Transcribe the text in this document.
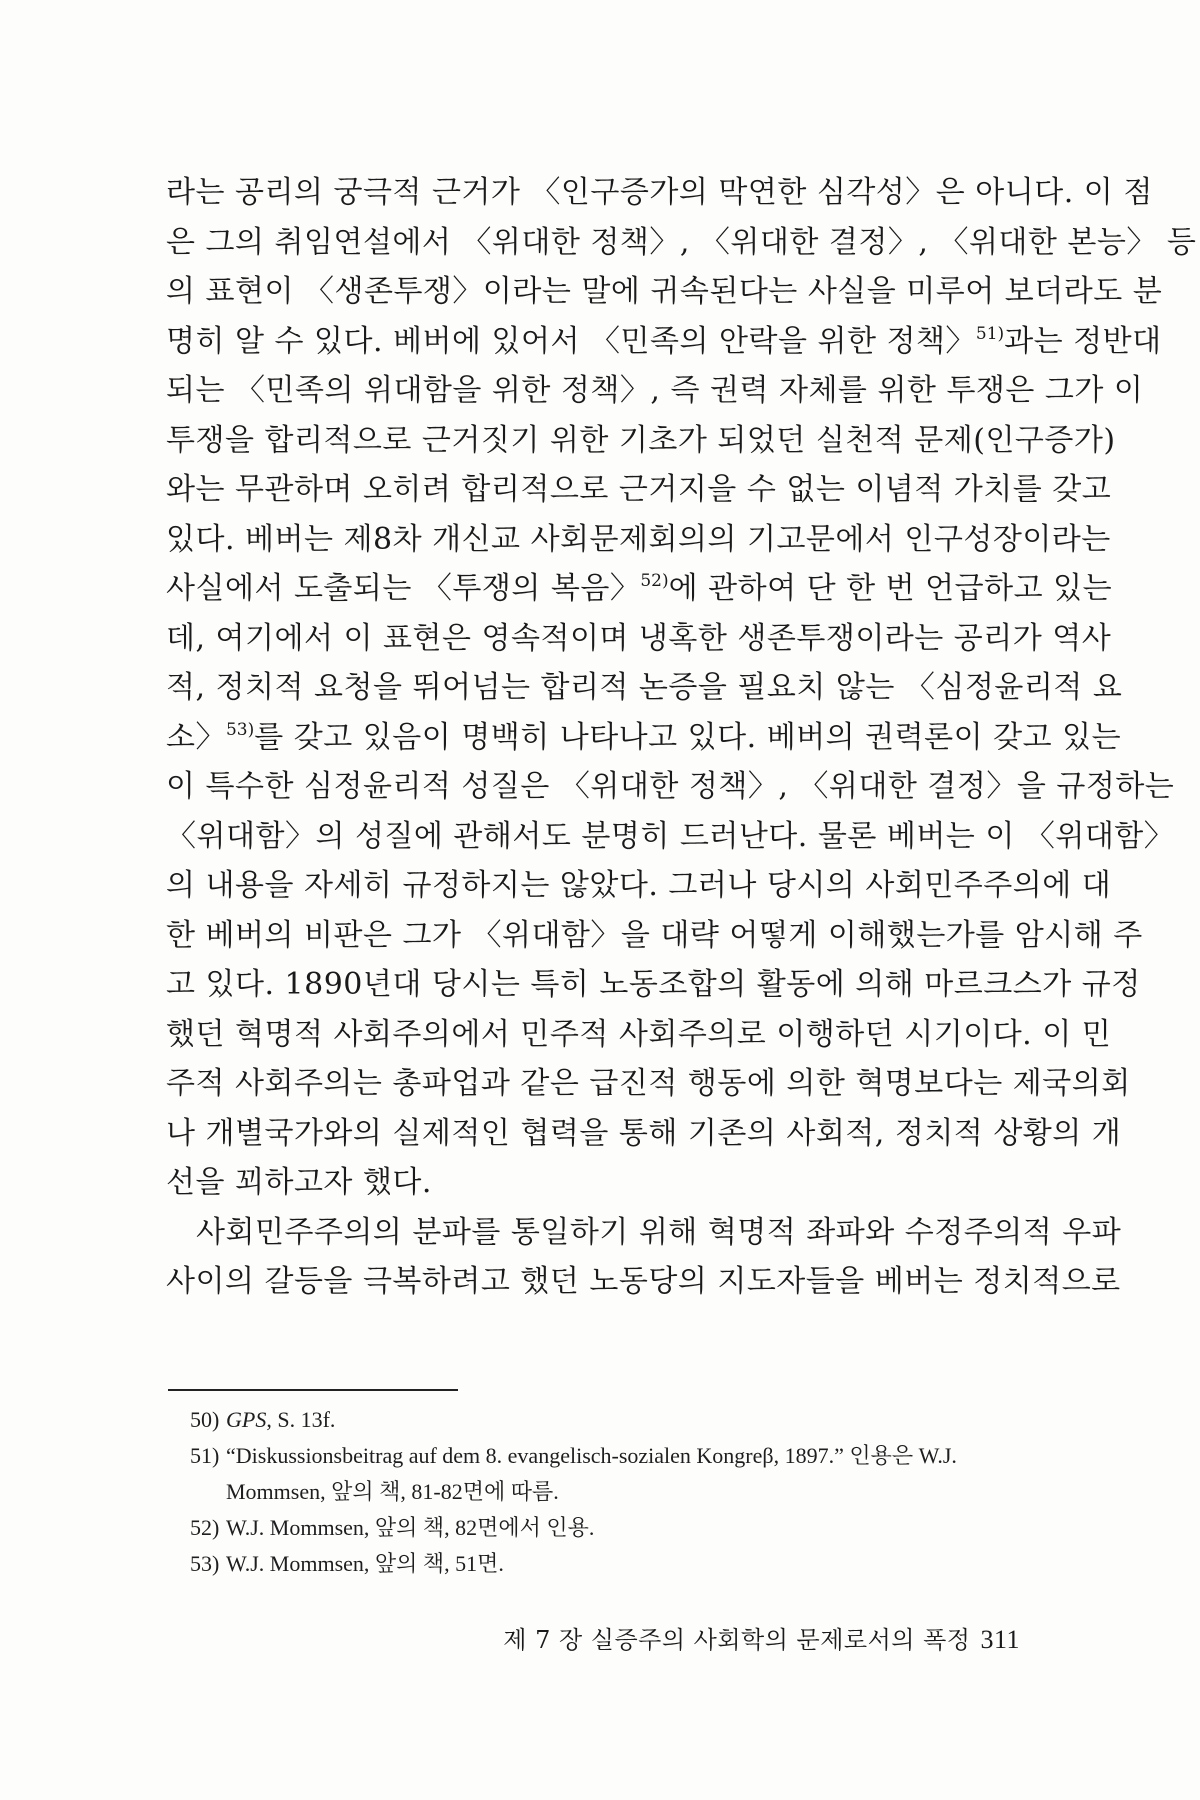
라는 공리의 궁극적 근거가 〈인구증가의 막연한 심각성〉은 아니다. 이 점
은 그의 취임연설에서 〈위대한 정책〉, 〈위대한 결정〉, 〈위대한 본능〉 등
의 표현이 〈생존투쟁〉이라는 말에 귀속된다는 사실을 미루어 보더라도 분
명히 알 수 있다. 베버에 있어서 〈민족의 안락을 위한 정책〉$^{51)}$과는 정반대
되는 〈민족의 위대함을 위한 정책〉, 즉 권력 자체를 위한 투쟁은 그가 이
투쟁을 합리적으로 근거짓기 위한 기초가 되었던 실천적 문제(인구증가)
와는 무관하며 오히려 합리적으로 근거지을 수 없는 이념적 가치를 갖고
있다. 베버는 제8차 개신교 사회문제회의의 기고문에서 인구성장이라는
사실에서 도출되는 〈투쟁의 복음〉$^{52)}$에 관하여 단 한 번 언급하고 있는
데, 여기에서 이 표현은 영속적이며 냉혹한 생존투쟁이라는 공리가 역사
적, 정치적 요청을 뛰어넘는 합리적 논증을 필요치 않는 〈심정윤리적 요
소〉$^{53)}$를 갖고 있음이 명백히 나타나고 있다. 베버의 권력론이 갖고 있는
이 특수한 심정윤리적 성질은 〈위대한 정책〉, 〈위대한 결정〉을 규정하는
〈위대함〉의 성질에 관해서도 분명히 드러난다. 물론 베버는 이 〈위대함〉
의 내용을 자세히 규정하지는 않았다. 그러나 당시의 사회민주주의에 대
한 베버의 비판은 그가 〈위대함〉을 대략 어떻게 이해했는가를 암시해 주
고 있다. 1890년대 당시는 특히 노동조합의 활동에 의해 마르크스가 규정
했던 혁명적 사회주의에서 민주적 사회주의로 이행하던 시기이다. 이 민
주적 사회주의는 총파업과 같은 급진적 행동에 의한 혁명보다는 제국의회
나 개별국가와의 실제적인 협력을 통해 기존의 사회적, 정치적 상황의 개
선을 꾀하고자 했다.
사회민주주의의 분파를 통일하기 위해 혁명적 좌파와 수정주의적 우파
사이의 갈등을 극복하려고 했던 노동당의 지도자들을 베버는 정치적으로
50) GPS, S. 13f.
51) “Diskussionsbeitrag auf dem 8. evangelisch-sozialen Kongreβ, 1897.” 인용은 W.J.
Mommsen, 앞의 책, 81-82면에 따름.
52) W.J. Mommsen, 앞의 책, 82면에서 인용.
53) W.J. Mommsen, 앞의 책, 51면.
제 7 장 실증주의 사회학의 문제로서의 폭정 311
